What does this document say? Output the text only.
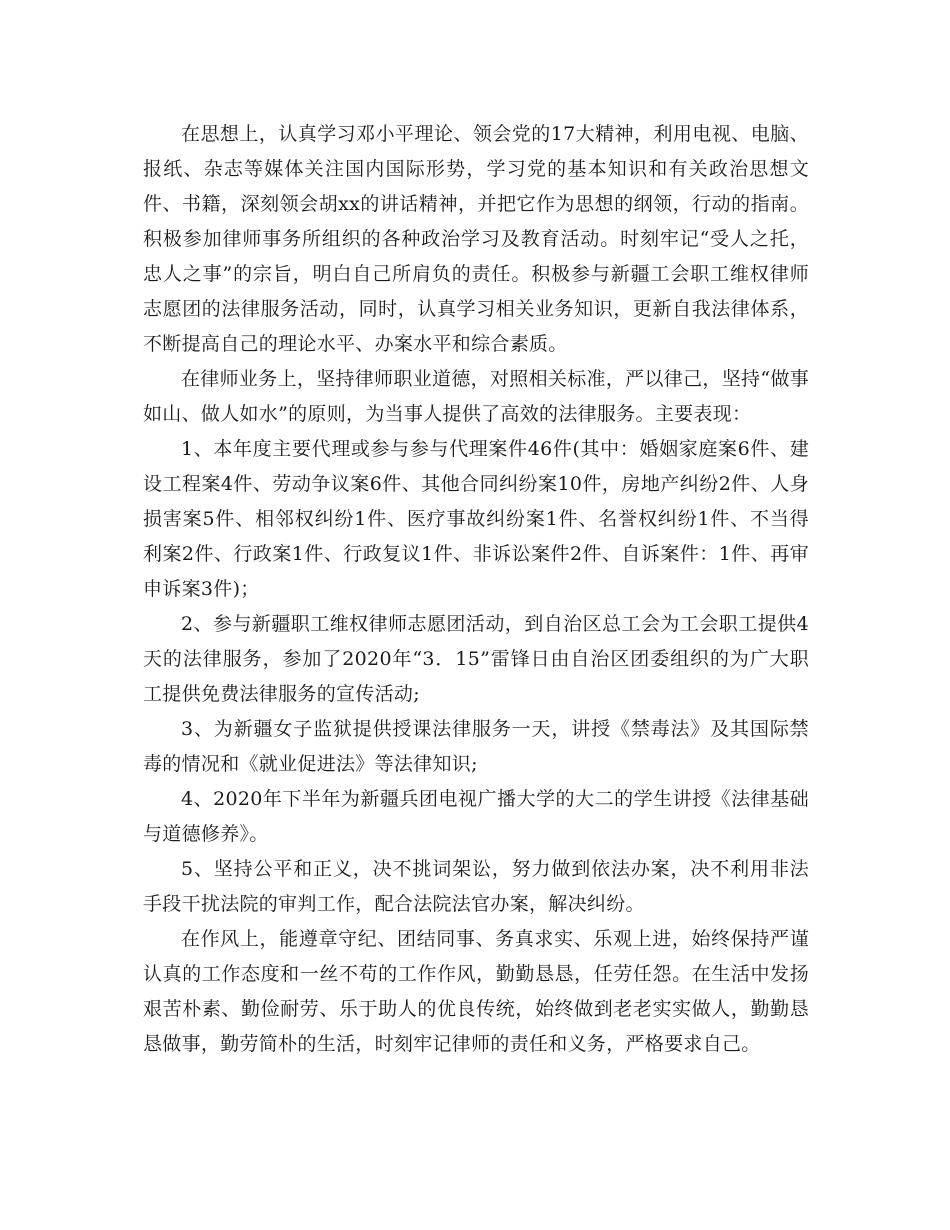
在思想上，认真学习邓小平理论、领会党的17大精神，利用电视、电脑、报纸、杂志等媒体关注国内国际形势，学习党的基本知识和有关政治思想文件、书籍，深刻领会胡xx的讲话精神，并把它作为思想的纲领，行动的指南。积极参加律师事务所组织的各种政治学习及教育活动。时刻牢记“受人之托，忠人之事”的宗旨，明白自己所肩负的责任。积极参与新疆工会职工维权律师志愿团的法律服务活动，同时，认真学习相关业务知识，更新自我法律体系，不断提高自己的理论水平、办案水平和综合素质。

在律师业务上，坚持律师职业道德，对照相关标准，严以律己，坚持“做事如山、做人如水”的原则，为当事人提供了高效的法律服务。主要表现：

1、本年度主要代理或参与参与代理案件46件(其中：婚姻家庭案6件、建设工程案4件、劳动争议案6件、其他合同纠纷案10件，房地产纠纷2件、人身损害案5件、相邻权纠纷1件、医疗事故纠纷案1件、名誉权纠纷1件、不当得利案2件、行政案1件、行政复议1件、非诉讼案件2件、自诉案件：1件、再审申诉案3件)；

2、参与新疆职工维权律师志愿团活动，到自治区总工会为工会职工提供4天的法律服务，参加了2020年“3．15”雷锋日由自治区团委组织的为广大职工提供免费法律服务的宣传活动;

3、为新疆女子监狱提供授课法律服务一天，讲授《禁毒法》及其国际禁毒的情况和《就业促进法》等法律知识;

4、2020年下半年为新疆兵团电视广播大学的大二的学生讲授《法律基础与道德修养》。

5、坚持公平和正义，决不挑词架讼，努力做到依法办案，决不利用非法手段干扰法院的审判工作，配合法院法官办案，解决纠纷。

在作风上，能遵章守纪、团结同事、务真求实、乐观上进，始终保持严谨认真的工作态度和一丝不苟的工作作风，勤勤恳恳，任劳任怨。在生活中发扬艰苦朴素、勤俭耐劳、乐于助人的优良传统，始终做到老老实实做人，勤勤恳恳做事，勤劳简朴的生活，时刻牢记律师的责任和义务，严格要求自己。
